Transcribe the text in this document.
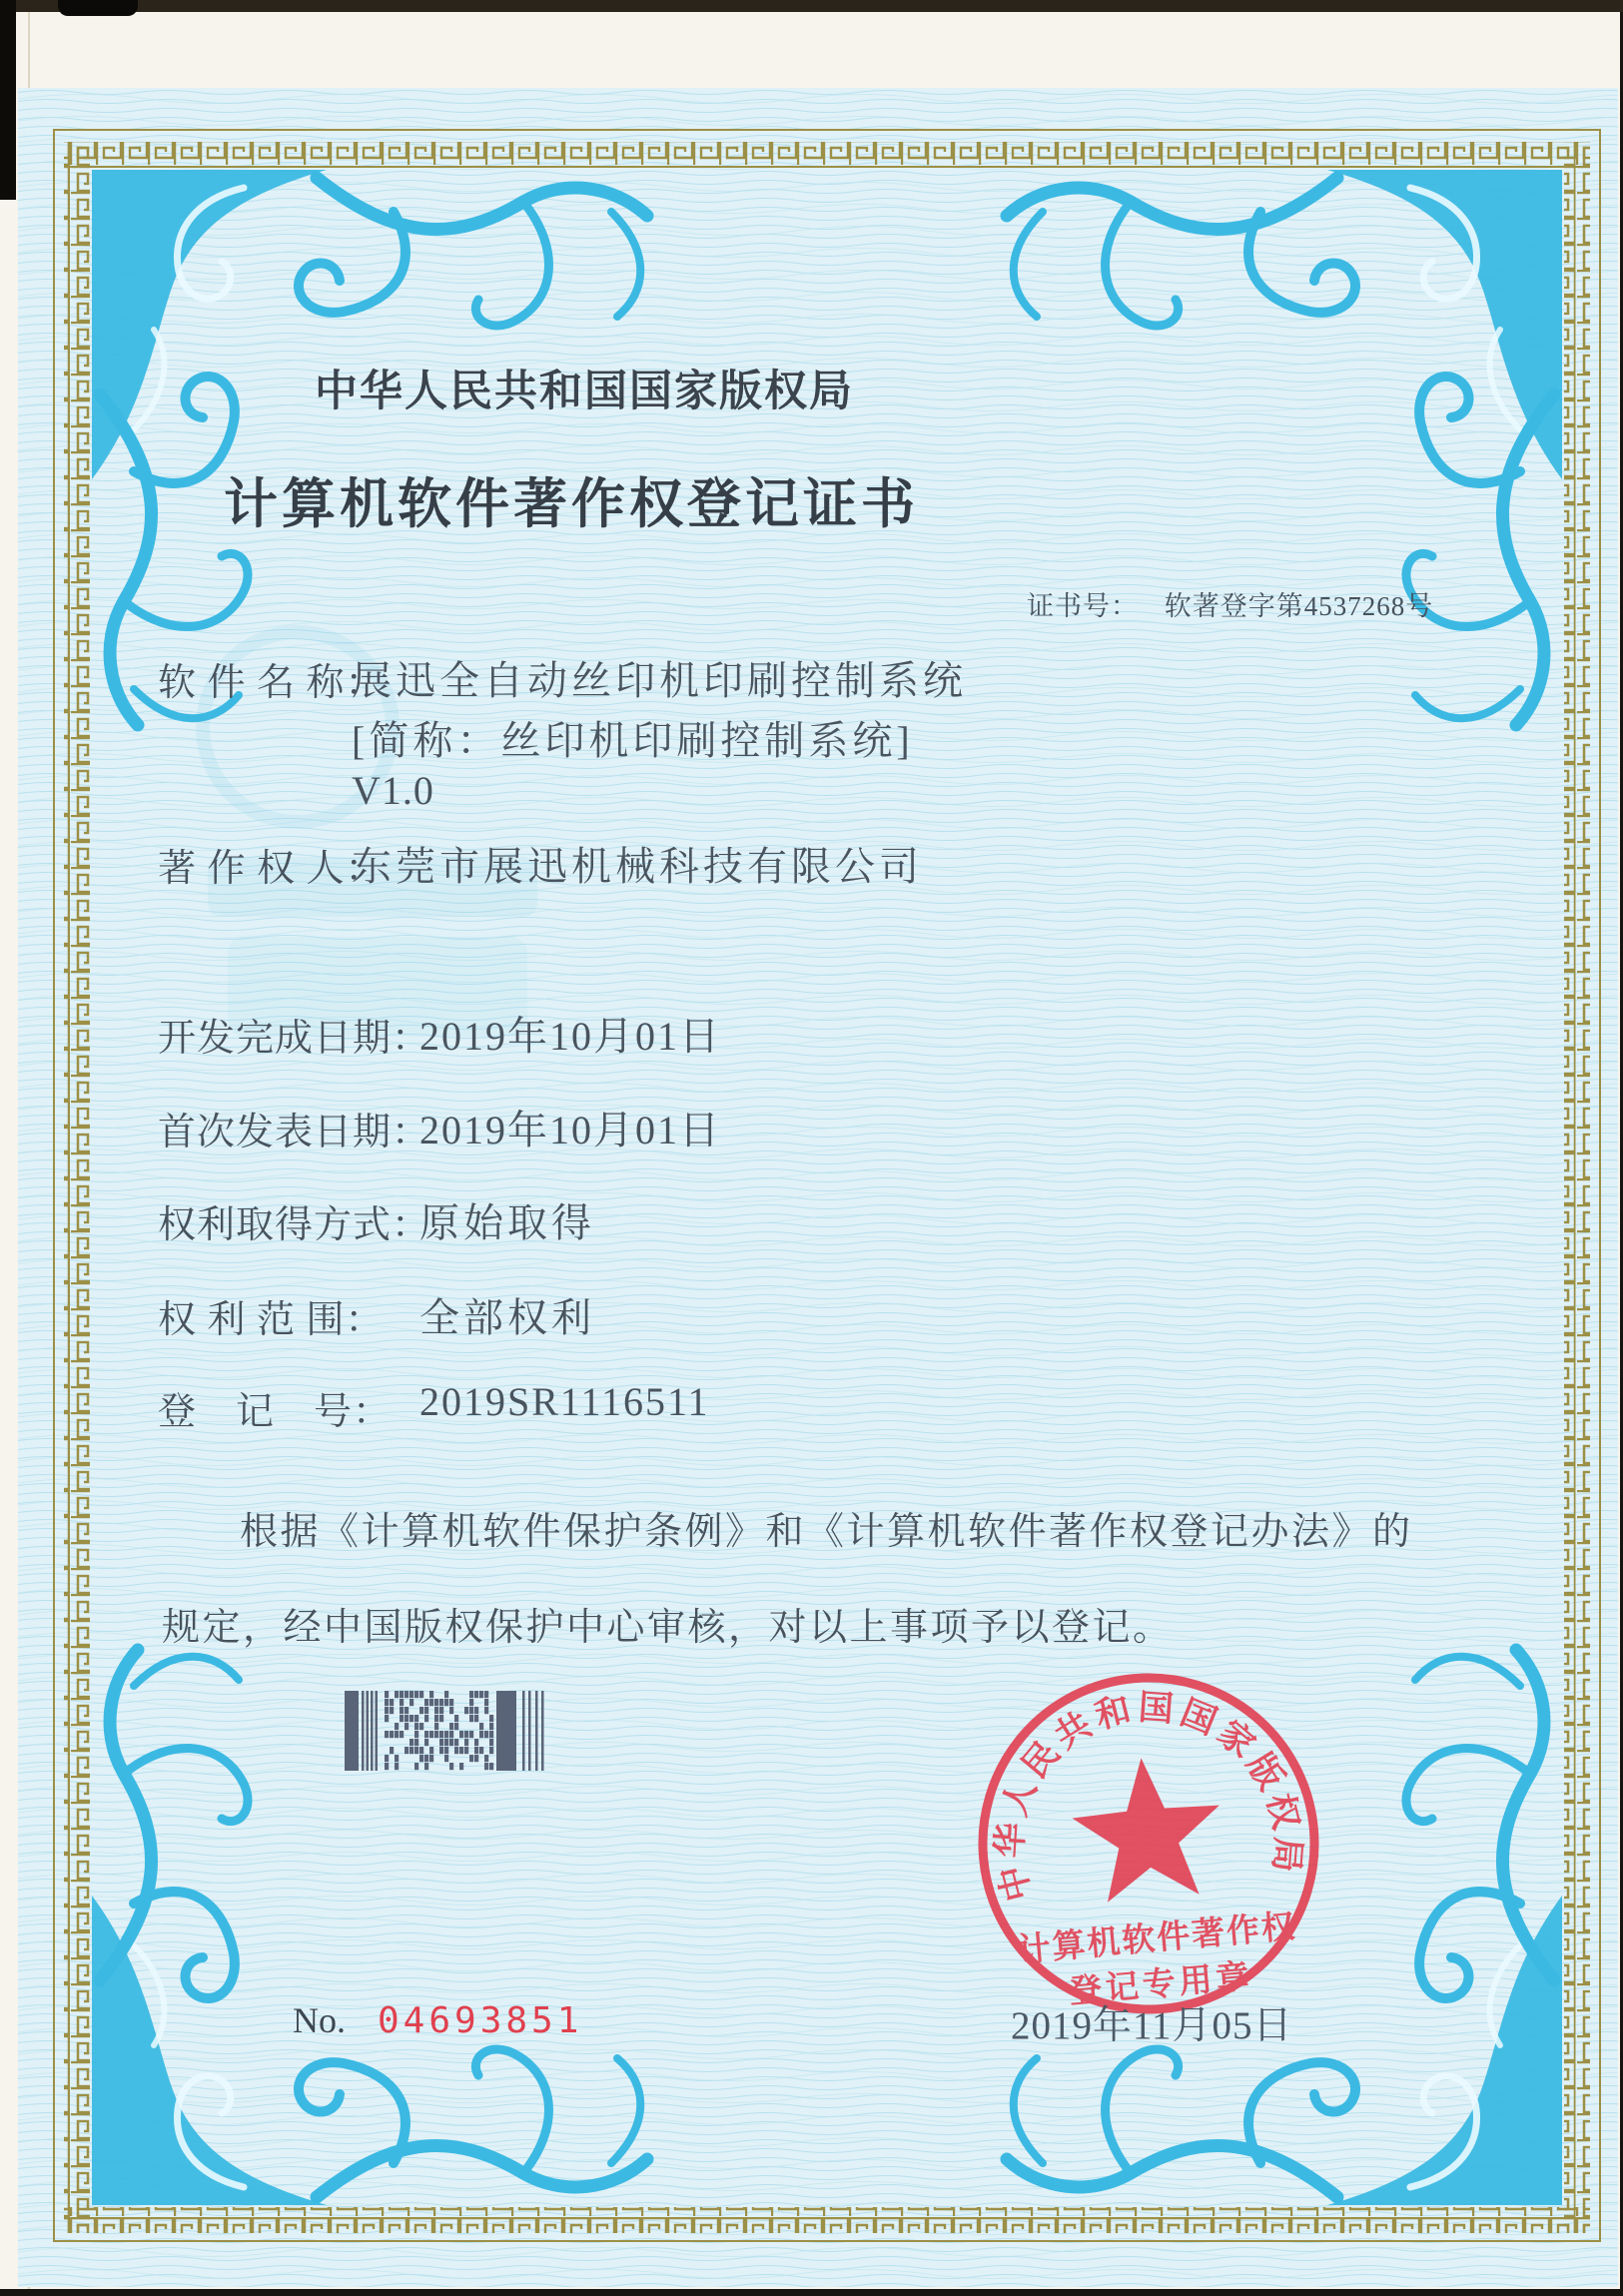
中华人民共和国国家版权局
计算机软件著作权登记证书
证书号： 软著登字第4537268号
软 件 名 称：
展迅全自动丝印机印刷控制系统
[简称：丝印机印刷控制系统]
V1.0
著 作 权 人：
东莞市展迅机械科技有限公司
开发完成日期：
2019年10月01日
首次发表日期：
2019年10月01日
权利取得方式：
原始取得
权 利 范 围： 全部权利
登　记　号： 2019SR1116511
根据《计算机软件保护条例》和《计算机软件著作权登记办法》的
规定，经中国版权保护中心审核，对以上事项予以登记。
中华人民共和国国家版权局
计算机软件著作权
登记专用章
2019年11月05日
No. 04693851
